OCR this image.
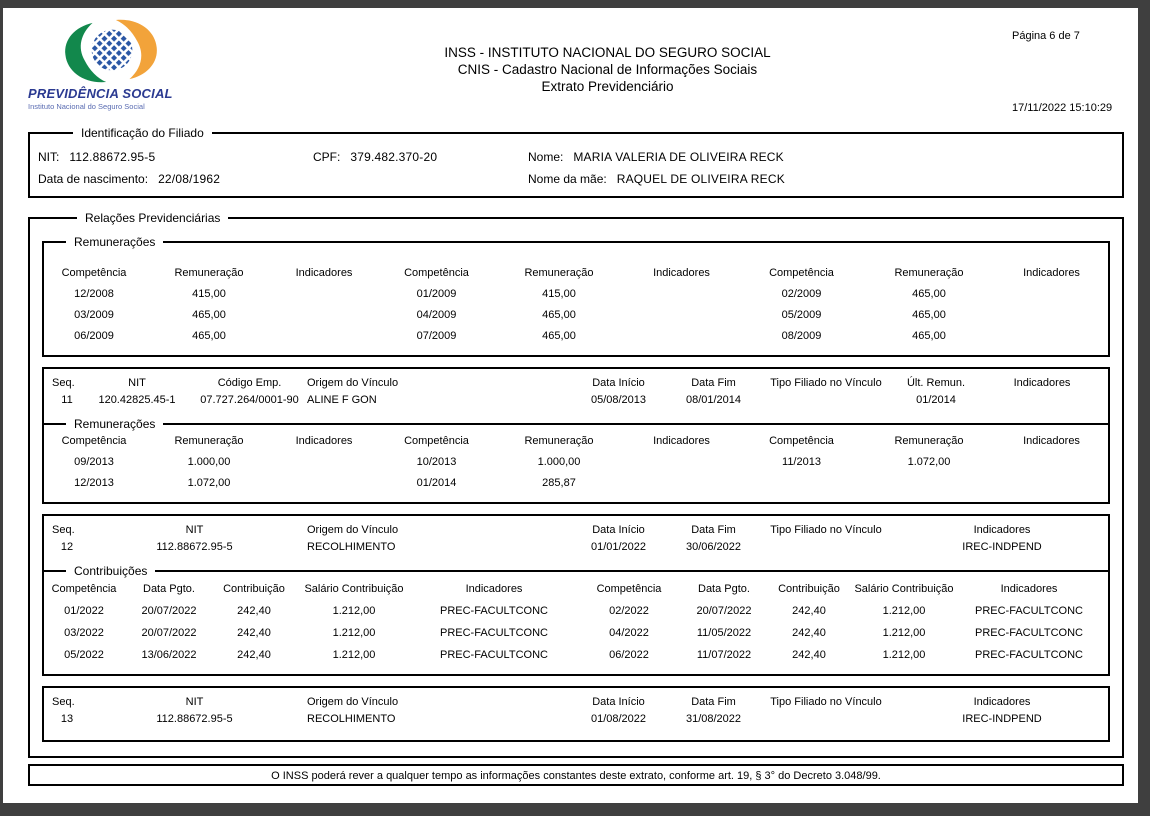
PREVIDÊNCIA SOCIAL
Instituto Nacional do Seguro Social
INSS - INSTITUTO NACIONAL DO SEGURO SOCIAL
CNIS - Cadastro Nacional de Informações Sociais
Extrato Previdenciário
Página 6 de 7
17/11/2022 15:10:29
Identificação do Filiado
NIT: 112.88672.95-5	CPF: 379.482.370-20	Nome: MARIA VALERIA DE OLIVEIRA RECK
Data de nascimento: 22/08/1962	Nome da mãe: RAQUEL DE OLIVEIRA RECK
Relações Previdenciárias
Remunerações
Competência	Remuneração	Indicadores	Competência	Remuneração	Indicadores	Competência	Remuneração	Indicadores
12/2008	415,00	01/2009	415,00	02/2009	465,00
03/2009	465,00	04/2009	465,00	05/2009	465,00
06/2009	465,00	07/2009	465,00	08/2009	465,00
Seq.	NIT	Código Emp.	Origem do Vínculo	Data Início	Data Fim	Tipo Filiado no Vínculo	Últ. Remun.	Indicadores
11	120.42825.45-1	07.727.264/0001-90 ALINE F GON	05/08/2013	08/01/2014	01/2014
Remunerações
Competência	Remuneração	Indicadores	Competência	Remuneração	Indicadores	Competência	Remuneração	Indicadores
09/2013	1.000,00	10/2013	1.000,00	11/2013	1.072,00
12/2013	1.072,00	01/2014	285,87
Seq.	NIT	Origem do Vínculo	Data Início	Data Fim	Tipo Filiado no Vínculo	Indicadores
12	112.88672.95-5	RECOLHIMENTO	01/01/2022	30/06/2022	IREC-INDPEND
Contribuições
Competência	Data Pgto.	Contribuição	Salário Contribuição	Indicadores	Competência	Data Pgto.	Contribuição	Salário Contribuição	Indicadores
01/2022	20/07/2022	242,40	1.212,00	PREC-FACULTCONC	02/2022	20/07/2022	242,40	1.212,00	PREC-FACULTCONC
03/2022	20/07/2022	242,40	1.212,00	PREC-FACULTCONC	04/2022	11/05/2022	242,40	1.212,00	PREC-FACULTCONC
05/2022	13/06/2022	242,40	1.212,00	PREC-FACULTCONC	06/2022	11/07/2022	242,40	1.212,00	PREC-FACULTCONC
Seq.	NIT	Origem do Vínculo	Data Início	Data Fim	Tipo Filiado no Vínculo	Indicadores
13	112.88672.95-5	RECOLHIMENTO	01/08/2022	31/08/2022	IREC-INDPEND
O INSS poderá rever a qualquer tempo as informações constantes deste extrato, conforme art. 19, § 3° do Decreto 3.048/99.
